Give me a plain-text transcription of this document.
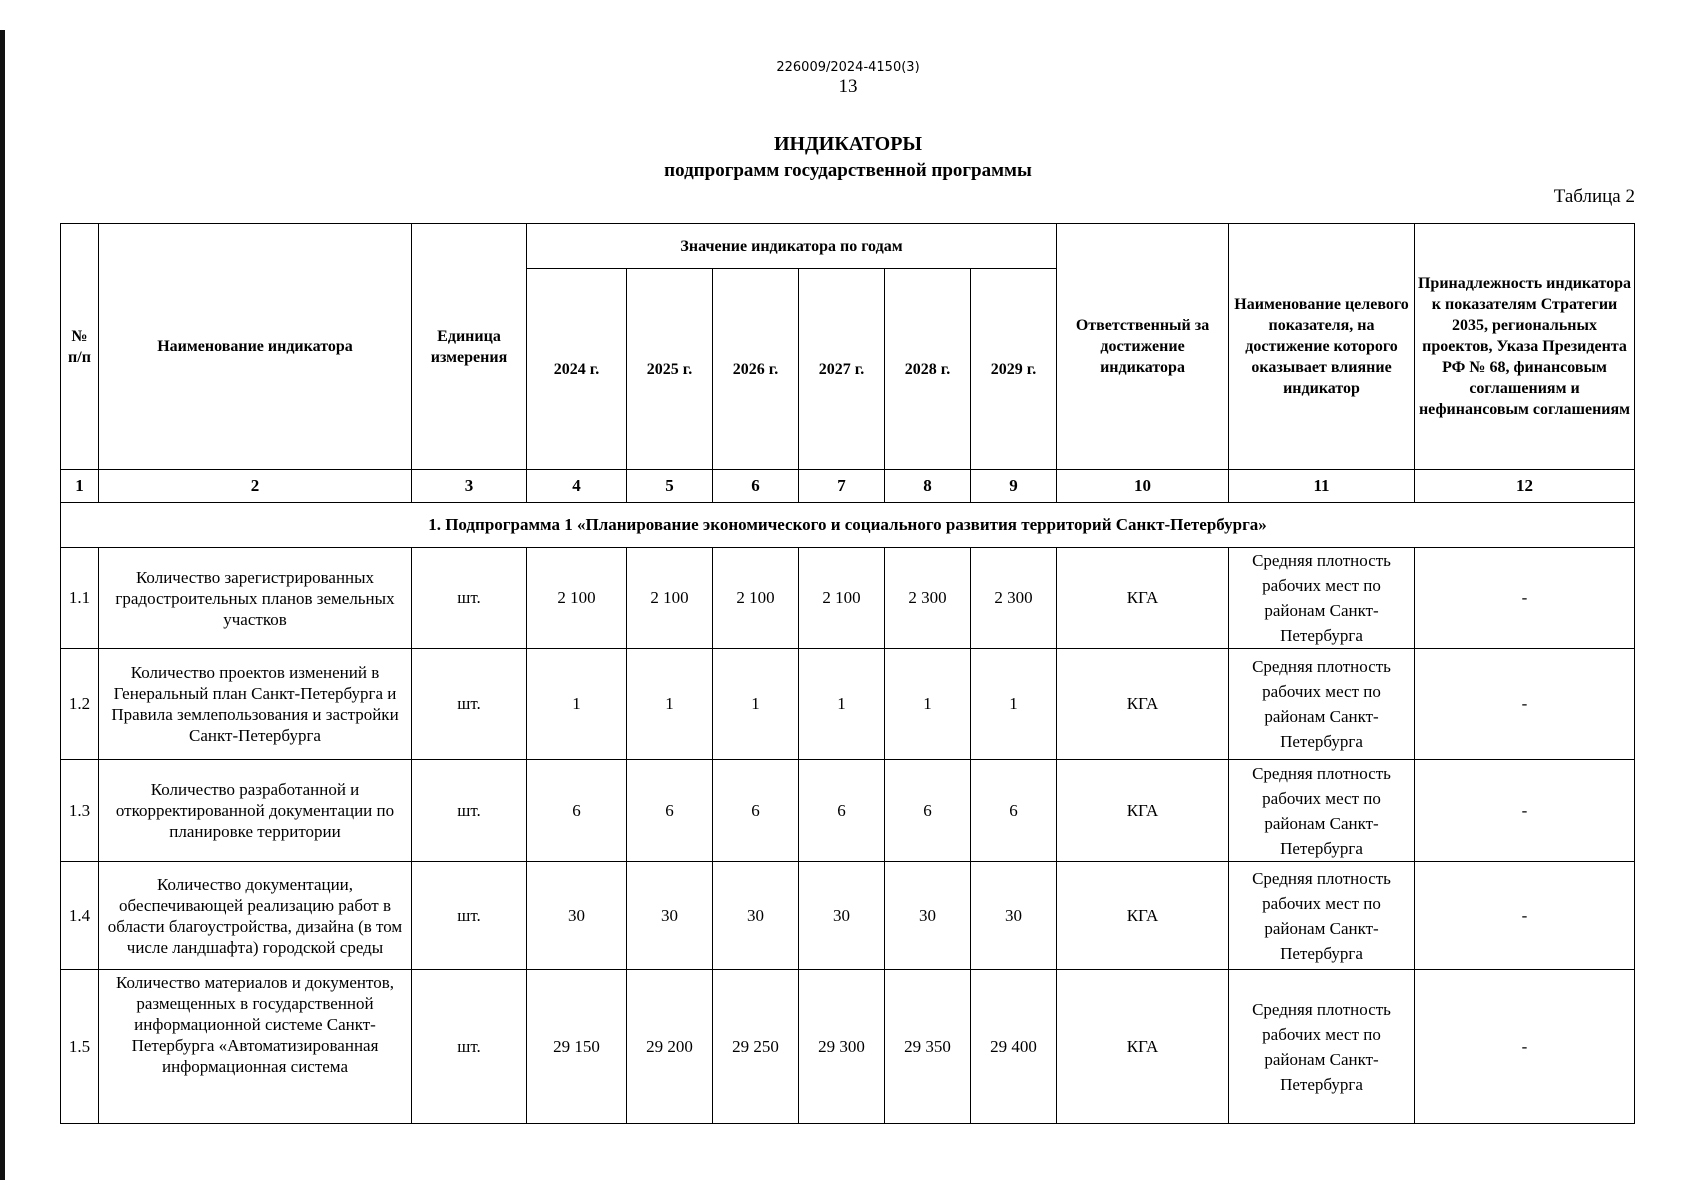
226009/2024-4150(3)
13
ИНДИКАТОРЫ
подпрограмм государственной программы
Таблица 2
№ п/п	Наименование индикатора	Единица измерения	Значение индикатора по годам						Ответственный за достижение индикатора	Наименование целевого показателя, на достижение которого оказывает влияние индикатор	Принадлежность индикатора к показателям Стратегии 2035, региональных проектов, Указа Президента РФ № 68, финансовым соглашениям и нефинансовым соглашениям
			2024 г.	2025 г.	2026 г.	2027 г.	2028 г.	2029 г.			
1	2	3	4	5	6	7	8	9	10	11	12
1. Подпрограмма 1 «Планирование экономического и социального развития территорий Санкт-Петербурга»											
1.1	Количество зарегистрированных градостроительных планов земельных участков	шт.	2 100	2 100	2 100	2 100	2 300	2 300	КГА	Средняя плотность рабочих мест по районам Санкт-Петербурга	-
1.2	Количество проектов изменений в Генеральный план Санкт-Петербурга и Правила землепользования и застройки Санкт-Петербурга	шт.	1	1	1	1	1	1	КГА	Средняя плотность рабочих мест по районам Санкт-Петербурга	-
1.3	Количество разработанной и откорректированной документации по планировке территории	шт.	6	6	6	6	6	6	КГА	Средняя плотность рабочих мест по районам Санкт-Петербурга	-
1.4	Количество документации, обеспечивающей реализацию работ в области благоустройства, дизайна (в том числе ландшафта) городской среды	шт.	30	30	30	30	30	30	КГА	Средняя плотность рабочих мест по районам Санкт-Петербурга	-
1.5	Количество материалов и документов, размещенных в государственной информационной системе Санкт-Петербурга «Автоматизированная информационная система	шт.	29 150	29 200	29 250	29 300	29 350	29 400	КГА	Средняя плотность рабочих мест по районам Санкт-Петербурга	-
